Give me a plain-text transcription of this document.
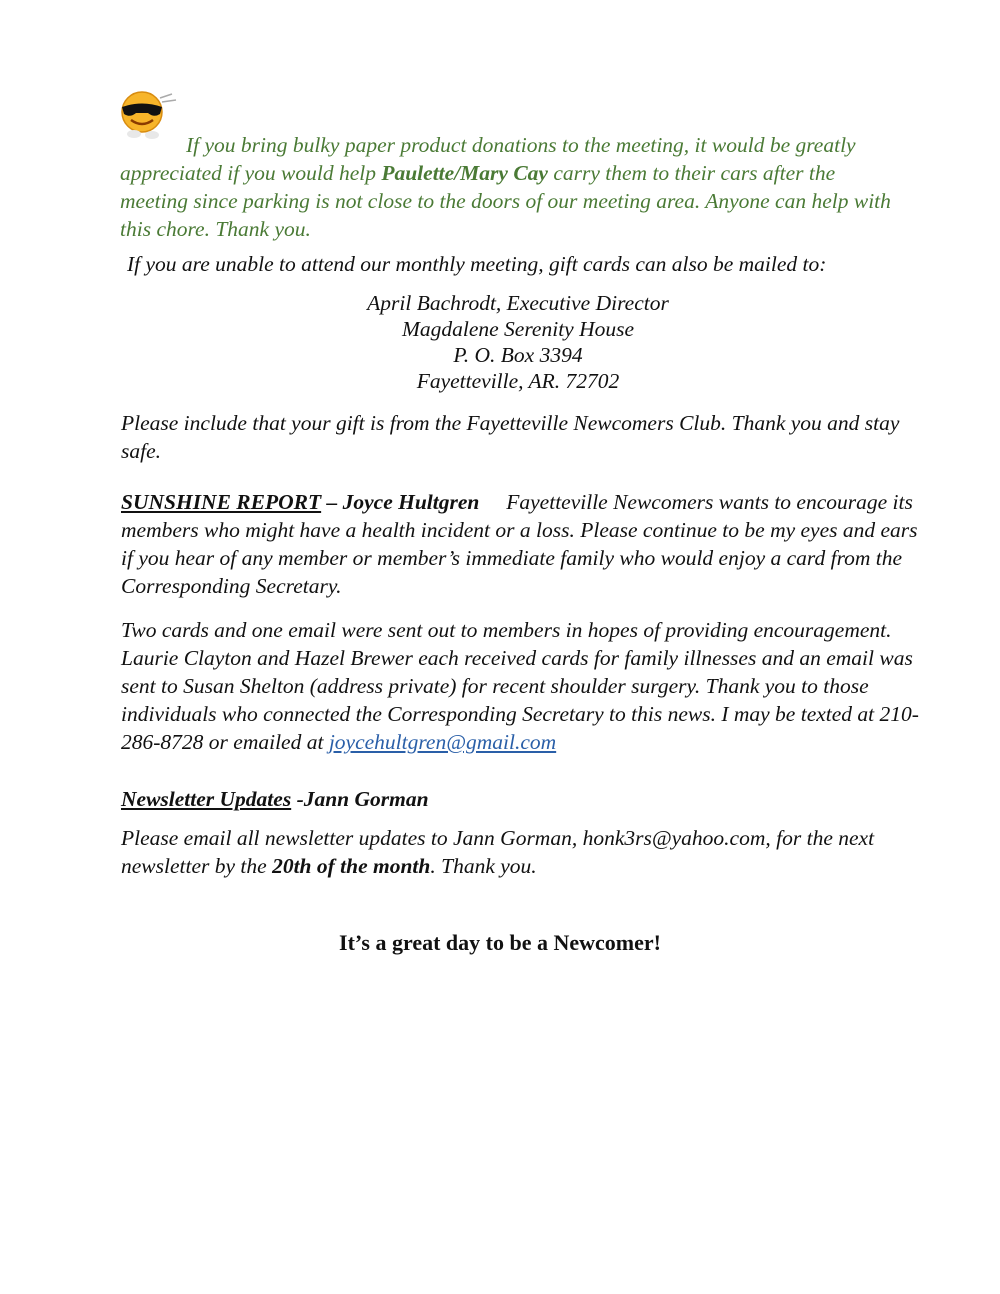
If you bring bulky paper product donations to the meeting, it would be greatly appreciated if you would help Paulette/Mary Cay carry them to their cars after the meeting since parking is not close to the doors of our meeting area. Anyone can help with this chore. Thank you.
If you are unable to attend our monthly meeting, gift cards can also be mailed to:
April Bachrodt, Executive Director
Magdalene Serenity House
P. O. Box 3394
Fayetteville, AR. 72702
Please include that your gift is from the Fayetteville Newcomers Club. Thank you and stay safe.
SUNSHINE REPORT – Joyce Hultgren Fayetteville Newcomers wants to encourage its members who might have a health incident or a loss. Please continue to be my eyes and ears if you hear of any member or member’s immediate family who would enjoy a card from the Corresponding Secretary.
Two cards and one email were sent out to members in hopes of providing encouragement. Laurie Clayton and Hazel Brewer each received cards for family illnesses and an email was sent to Susan Shelton (address private) for recent shoulder surgery. Thank you to those individuals who connected the Corresponding Secretary to this news. I may be texted at 210-286-8728 or emailed at joycehultgren@gmail.com
Newsletter Updates -Jann Gorman
Please email all newsletter updates to Jann Gorman, honk3rs@yahoo.com, for the next newsletter by the 20th of the month. Thank you.
It’s a great day to be a Newcomer!
